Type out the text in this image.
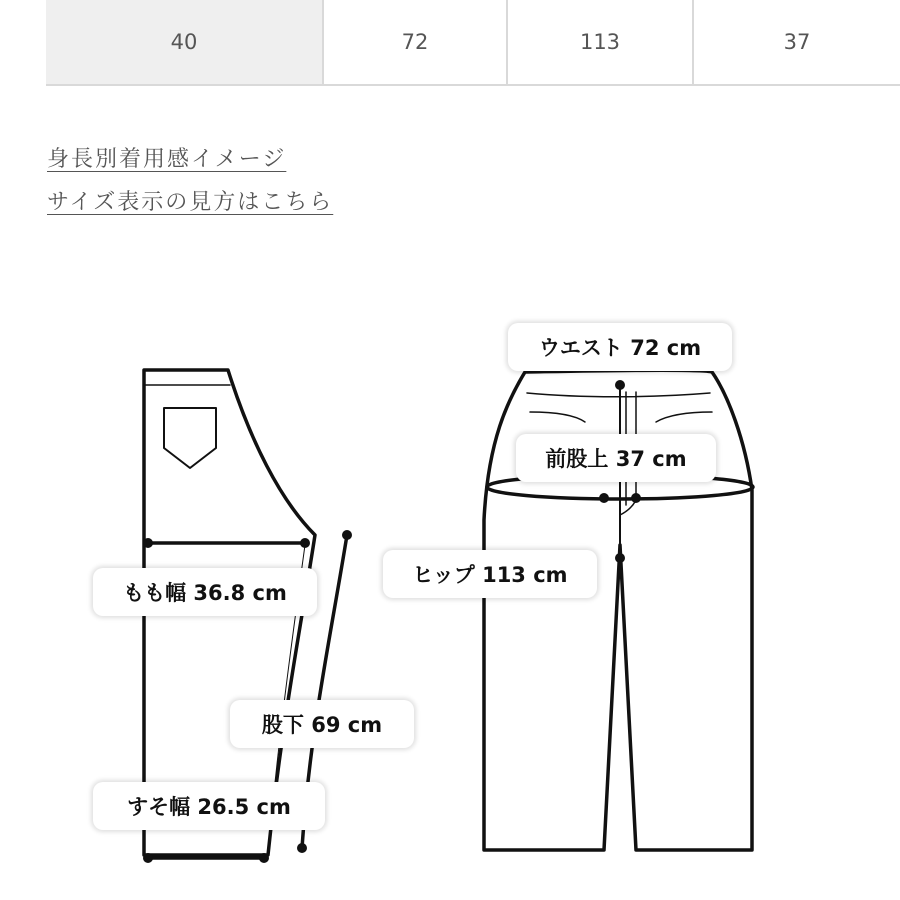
40	72	113	37
身長別着用感イメージ
サイズ表示の見方はこちら
ウエスト 72 cm
前股上 37 cm
ヒップ 113 cm
もも幅 36.8 cm
股下 69 cm
すそ幅 26.5 cm
